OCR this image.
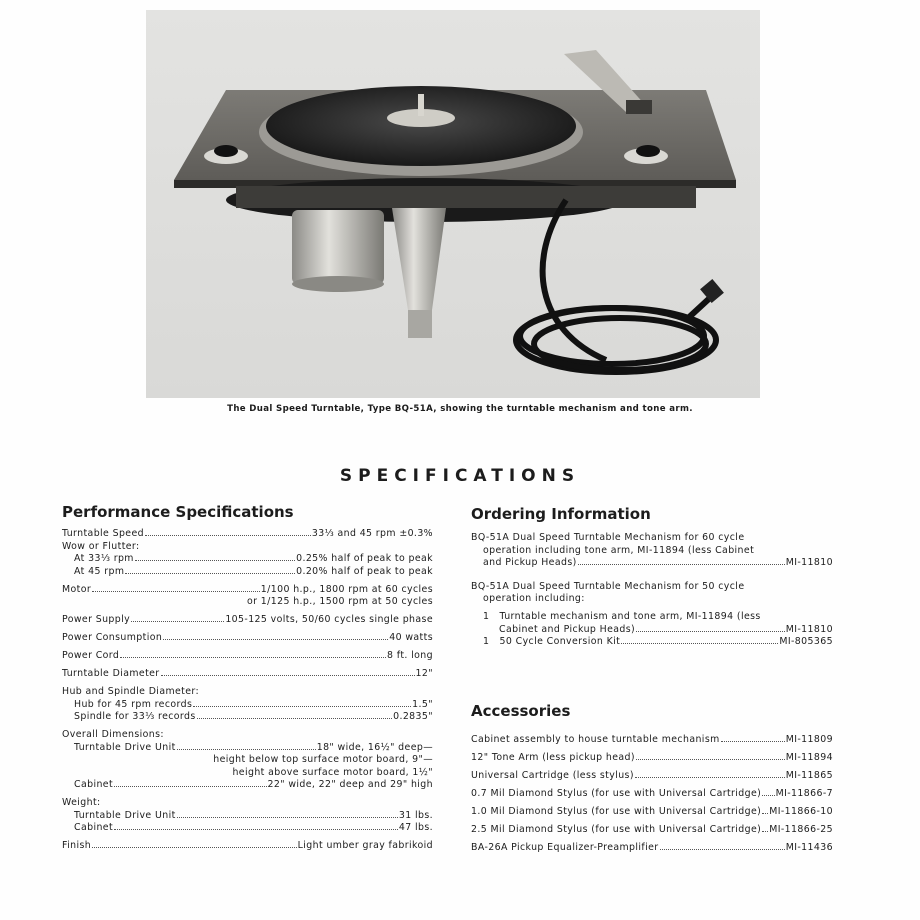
The Dual Speed Turntable, Type BQ-51A, showing the turntable mechanism and tone arm.
SPECIFICATIONS
Performance Specifications
Turntable Speed	33⅓ and 45 rpm ±0.3%
Wow or Flutter:
At 33⅓ rpm	0.25% half of peak to peak
At 45 rpm	0.20% half of peak to peak
Motor	1/100 h.p., 1800 rpm at 60 cycles
or 1/125 h.p., 1500 rpm at 50 cycles
Power Supply	105-125 volts, 50/60 cycles single phase
Power Consumption	40 watts
Power Cord	8 ft. long
Turntable Diameter	12"
Hub and Spindle Diameter:
Hub for 45 rpm records	1.5"
Spindle for 33⅓ records	0.2835"
Overall Dimensions:
Turntable Drive Unit	18" wide, 16½" deep—
height below top surface motor board, 9"—
height above surface motor board, 1½"
Cabinet	22" wide, 22" deep and 29" high
Weight:
Turntable Drive Unit	31 lbs.
Cabinet	47 lbs.
Finish	Light umber gray fabrikoid
Ordering Information
BQ-51A Dual Speed Turntable Mechanism for 60 cycle
operation including tone arm, MI-11894 (less Cabinet
and Pickup Heads)	MI-11810
BQ-51A Dual Speed Turntable Mechanism for 50 cycle
operation including:
1 Turntable mechanism and tone arm, MI-11894 (less
Cabinet and Pickup Heads)	MI-11810
1 50 Cycle Conversion Kit	MI-805365
Accessories
Cabinet assembly to house turntable mechanism	MI-11809
12" Tone Arm (less pickup head)	MI-11894
Universal Cartridge (less stylus)	MI-11865
0.7 Mil Diamond Stylus (for use with Universal Cartridge) MI-11866-7
1.0 Mil Diamond Stylus (for use with Universal Cartridge) MI-11866-10
2.5 Mil Diamond Stylus (for use with Universal Cartridge) MI-11866-25
BA-26A Pickup Equalizer-Preamplifier	MI-11436
